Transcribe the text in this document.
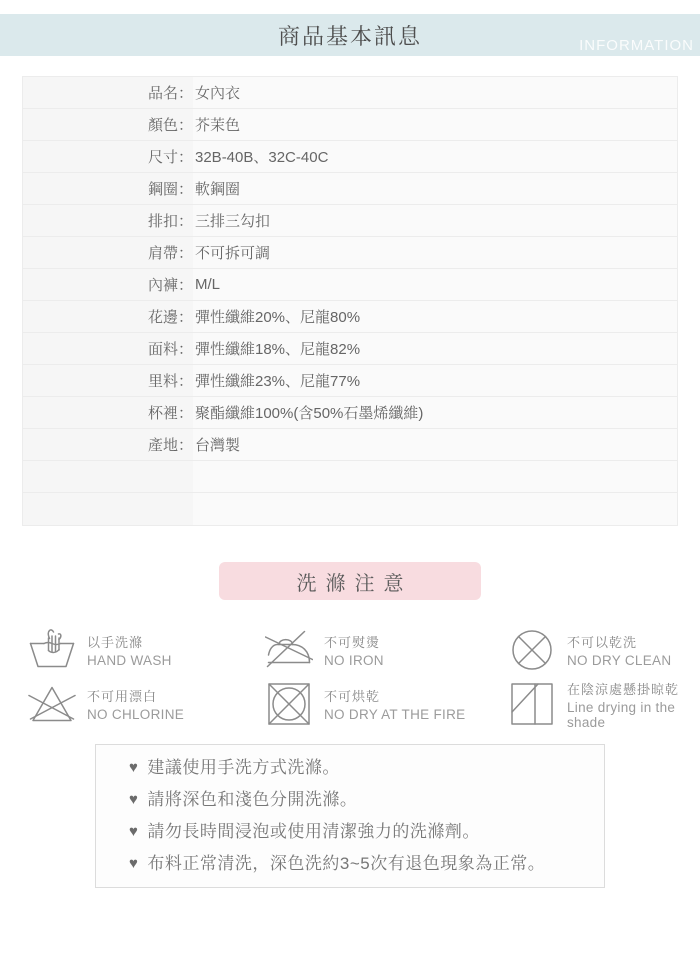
商品基本訊息	INFORMATION
品名 ： 女內衣
顏色 ： 芥茉色
尺寸 ： 32B-40B、32C-40C
鋼圈 ： 軟鋼圈
排扣 ： 三排三勾扣
肩帶 ： 不可拆可調
內褲 ： M/L
花邊 ： 彈性纖維20%、尼龍80%
面料 ： 彈性纖維18%、尼龍82%
里料 ： 彈性纖維23%、尼龍77%
杯裡 ： 聚酯纖維100%(含50%石墨烯纖維)
產地 ： 台灣製
洗滌注意
以手洗滌
HAND WASH
不可熨燙
NO IRON
不可以乾洗
NO DRY CLEAN
不可用漂白
NO CHLORINE
不可烘乾
NO DRY AT THE FIRE
在陰涼處懸掛晾乾
Line drying in the shade
♥ 建議使用手洗方式洗滌。
♥ 請將深色和淺色分開洗滌。
♥ 請勿長時間浸泡或使用清潔強力的洗滌劑。
♥ 布料正常清洗，深色洗約3~5次有退色現象為正常。
